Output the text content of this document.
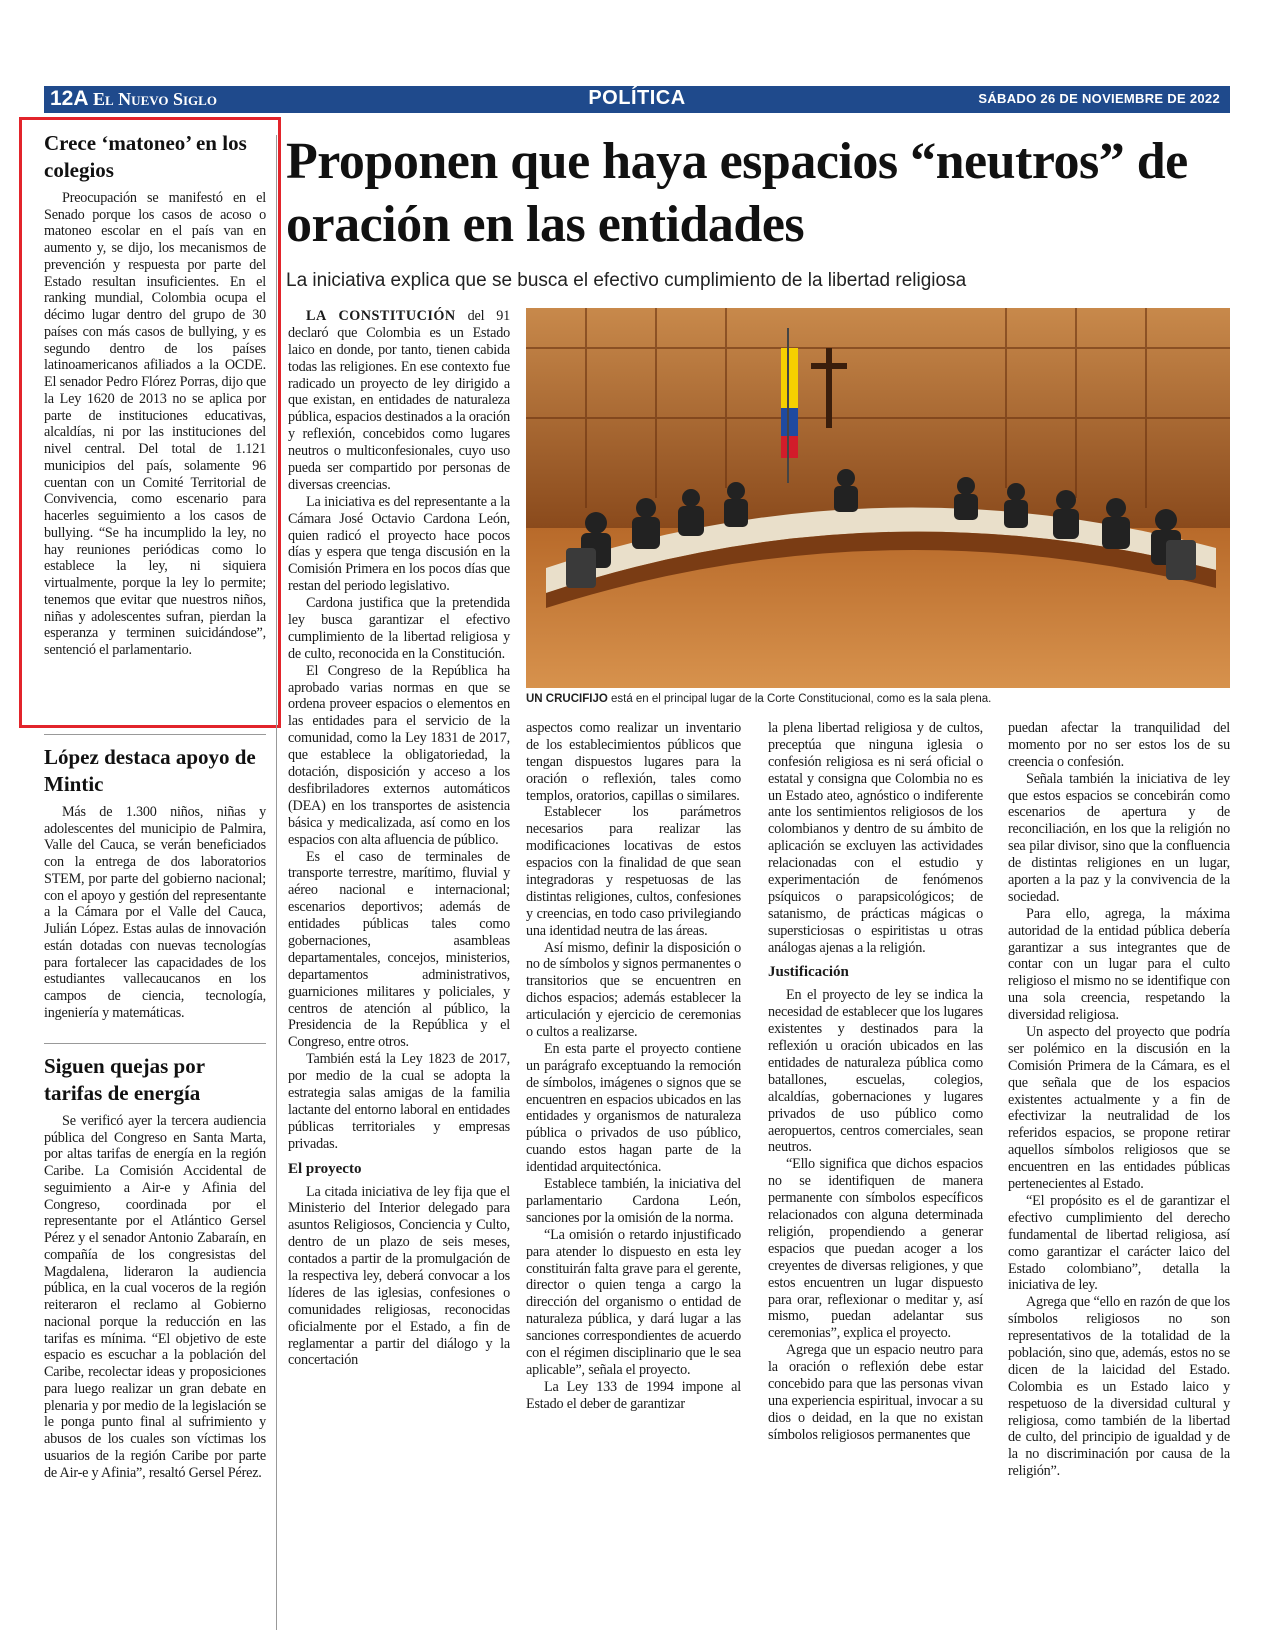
12A El Nuevo Siglo	POLÍTICA	SÁBADO 26 DE NOVIEMBRE DE 2022
Crece ‘matoneo’ en los colegios

Preocupación se manifestó en el Senado porque los casos de acoso o matoneo escolar en el país van en aumento y, se dijo, los mecanismos de prevención y respuesta por parte del Estado resultan insuficientes. En el ranking mundial, Colombia ocupa el décimo lugar dentro del grupo de 30 países con más casos de bullying, y es segundo dentro de los países latinoamericanos afiliados a la OCDE. El senador Pedro Flórez Porras, dijo que la Ley 1620 de 2013 no se aplica por parte de instituciones educativas, alcaldías, ni por las instituciones del nivel central. Del total de 1.121 municipios del país, solamente 96 cuentan con un Comité Territorial de Convivencia, como escenario para hacerles seguimiento a los casos de bullying. “Se ha incumplido la ley, no hay reuniones periódicas como lo establece la ley, ni siquiera virtualmente, porque la ley lo permite; tenemos que evitar que nuestros niños, niñas y adolescentes sufran, pierdan la esperanza y terminen suicidándose”, sentenció el parlamentario.

López destaca apoyo de Mintic

Más de 1.300 niños, niñas y adolescentes del municipio de Palmira, Valle del Cauca, se verán beneficiados con la entrega de dos laboratorios STEM, por parte del gobierno nacional; con el apoyo y gestión del representante a la Cámara por el Valle del Cauca, Julián López. Estas aulas de innovación están dotadas con nuevas tecnologías para fortalecer las capacidades de los estudiantes vallecaucanos en los campos de ciencia, tecnología, ingeniería y matemáticas.

Siguen quejas por tarifas de energía

Se verificó ayer la tercera audiencia pública del Congreso en Santa Marta, por altas tarifas de energía en la región Caribe. La Comisión Accidental de seguimiento a Air-e y Afinia del Congreso, coordinada por el representante por el Atlántico Gersel Pérez y el senador Antonio Zabaraín, en compañía de los congresistas del Magdalena, lideraron la audiencia pública, en la cual voceros de la región reiteraron el reclamo al Gobierno nacional porque la reducción en las tarifas es mínima. “El objetivo de este espacio es escuchar a la población del Caribe, recolectar ideas y proposiciones para luego realizar un gran debate en plenaria y por medio de la legislación se le ponga punto final al sufrimiento y abusos de los cuales son víctimas los usuarios de la región Caribe por parte de Air-e y Afinia”, resaltó Gersel Pérez.

Proponen que haya espacios “neutros” de oración en las entidades
La iniciativa explica que se busca el efectivo cumplimiento de la libertad religiosa
UN CRUCIFIJO está en el principal lugar de la Corte Constitucional, como es la sala plena.

LA CONSTITUCIÓN del 91 declaró que Colombia es un Estado laico en donde, por tanto, tienen cabida todas las religiones. En ese contexto fue radicado un proyecto de ley dirigido a que existan, en entidades de naturaleza pública, espacios destinados a la oración y reflexión, concebidos como lugares neutros o multiconfesionales, cuyo uso pueda ser compartido por personas de diversas creencias.

La iniciativa es del representante a la Cámara José Octavio Cardona León, quien radicó el proyecto hace pocos días y espera que tenga discusión en la Comisión Primera en los pocos días que restan del periodo legislativo.

Cardona justifica que la pretendida ley busca garantizar el efectivo cumplimiento de la libertad religiosa y de culto, reconocida en la Constitución.

El Congreso de la República ha aprobado varias normas en que se ordena proveer espacios o elementos en las entidades para el servicio de la comunidad, como la Ley 1831 de 2017, que establece la obligatoriedad, la dotación, disposición y acceso a los desfibriladores externos automáticos (DEA) en los transportes de asistencia básica y medicalizada, así como en los espacios con alta afluencia de público.

Es el caso de terminales de transporte terrestre, marítimo, fluvial y aéreo nacional e internacional; escenarios deportivos; además de entidades públicas tales como gobernaciones, asambleas departamentales, concejos, ministerios, departamentos administrativos, guarniciones militares y policiales, y centros de atención al público, la Presidencia de la República y el Congreso, entre otros.

También está la Ley 1823 de 2017, por medio de la cual se adopta la estrategia salas amigas de la familia lactante del entorno laboral en entidades públicas territoriales y empresas privadas.

El proyecto

La citada iniciativa de ley fija que el Ministerio del Interior delegado para asuntos Religiosos, Conciencia y Culto, dentro de un plazo de seis meses, contados a partir de la promulgación de la respectiva ley, deberá convocar a los líderes de las iglesias, confesiones o comunidades religiosas, reconocidas oficialmente por el Estado, a fin de reglamentar a partir del diálogo y la concertación

aspectos como realizar un inventario de los establecimientos públicos que tengan dispuestos lugares para la oración o reflexión, tales como templos, oratorios, capillas o similares.

Establecer los parámetros necesarios para realizar las modificaciones locativas de estos espacios con la finalidad de que sean integradoras y respetuosas de las distintas religiones, cultos, confesiones y creencias, en todo caso privilegiando una identidad neutra de las áreas.

Así mismo, definir la disposición o no de símbolos y signos permanentes o transitorios que se encuentren en dichos espacios; además establecer la articulación y ejercicio de ceremonias o cultos a realizarse.

En esta parte el proyecto contiene un parágrafo exceptuando la remoción de símbolos, imágenes o signos que se encuentren en espacios ubicados en las entidades y organismos de naturaleza pública o privados de uso público, cuando estos hagan parte de la identidad arquitectónica.

Establece también, la iniciativa del parlamentario Cardona León, sanciones por la omisión de la norma.

“La omisión o retardo injustificado para atender lo dispuesto en esta ley constituirán falta grave para el gerente, director o quien tenga a cargo la dirección del organismo o entidad de naturaleza pública, y dará lugar a las sanciones correspondientes de acuerdo con el régimen disciplinario que le sea aplicable”, señala el proyecto.

La Ley 133 de 1994 impone al Estado el deber de garantizar

la plena libertad religiosa y de cultos, preceptúa que ninguna iglesia o confesión religiosa es ni será oficial o estatal y consigna que Colombia no es un Estado ateo, agnóstico o indiferente ante los sentimientos religiosos de los colombianos y dentro de su ámbito de aplicación se excluyen las actividades relacionadas con el estudio y experimentación de fenómenos psíquicos o parapsicológicos; de satanismo, de prácticas mágicas o supersticiosas o espiritistas u otras análogas ajenas a la religión.

Justificación

En el proyecto de ley se indica la necesidad de establecer que los lugares existentes y destinados para la reflexión u oración ubicados en las entidades de naturaleza pública como batallones, escuelas, colegios, alcaldías, gobernaciones y lugares privados de uso público como aeropuertos, centros comerciales, sean neutros.

“Ello significa que dichos espacios no se identifiquen de manera permanente con símbolos específicos relacionados con alguna determinada religión, propendiendo a generar espacios que puedan acoger a los creyentes de diversas religiones, y que estos encuentren un lugar dispuesto para orar, reflexionar o meditar y, así mismo, puedan adelantar sus ceremonias”, explica el proyecto.

Agrega que un espacio neutro para la oración o reflexión debe estar concebido para que las personas vivan una experiencia espiritual, invocar a su dios o deidad, en la que no existan símbolos religiosos permanentes que

puedan afectar la tranquilidad del momento por no ser estos los de su creencia o confesión.

Señala también la iniciativa de ley que estos espacios se concebirán como escenarios de apertura y de reconciliación, en los que la religión no sea pilar divisor, sino que la confluencia de distintas religiones en un lugar, aporten a la paz y la convivencia de la sociedad.

Para ello, agrega, la máxima autoridad de la entidad pública debería garantizar a sus integrantes que de contar con un lugar para el culto religioso el mismo no se identifique con una sola creencia, respetando la diversidad religiosa.

Un aspecto del proyecto que podría ser polémico en la discusión en la Comisión Primera de la Cámara, es el que señala que de los espacios existentes actualmente y a fin de efectivizar la neutralidad de los referidos espacios, se propone retirar aquellos símbolos religiosos que se encuentren en las entidades públicas pertenecientes al Estado.

“El propósito es el de garantizar el efectivo cumplimiento del derecho fundamental de libertad religiosa, así como garantizar el carácter laico del Estado colombiano”, detalla la iniciativa de ley.

Agrega que “ello en razón de que los símbolos religiosos no son representativos de la totalidad de la población, sino que, además, estos no se dicen de la laicidad del Estado. Colombia es un Estado laico y respetuoso de la diversidad cultural y religiosa, como también de la libertad de culto, del principio de igualdad y de la no discriminación por causa de la religión”.
